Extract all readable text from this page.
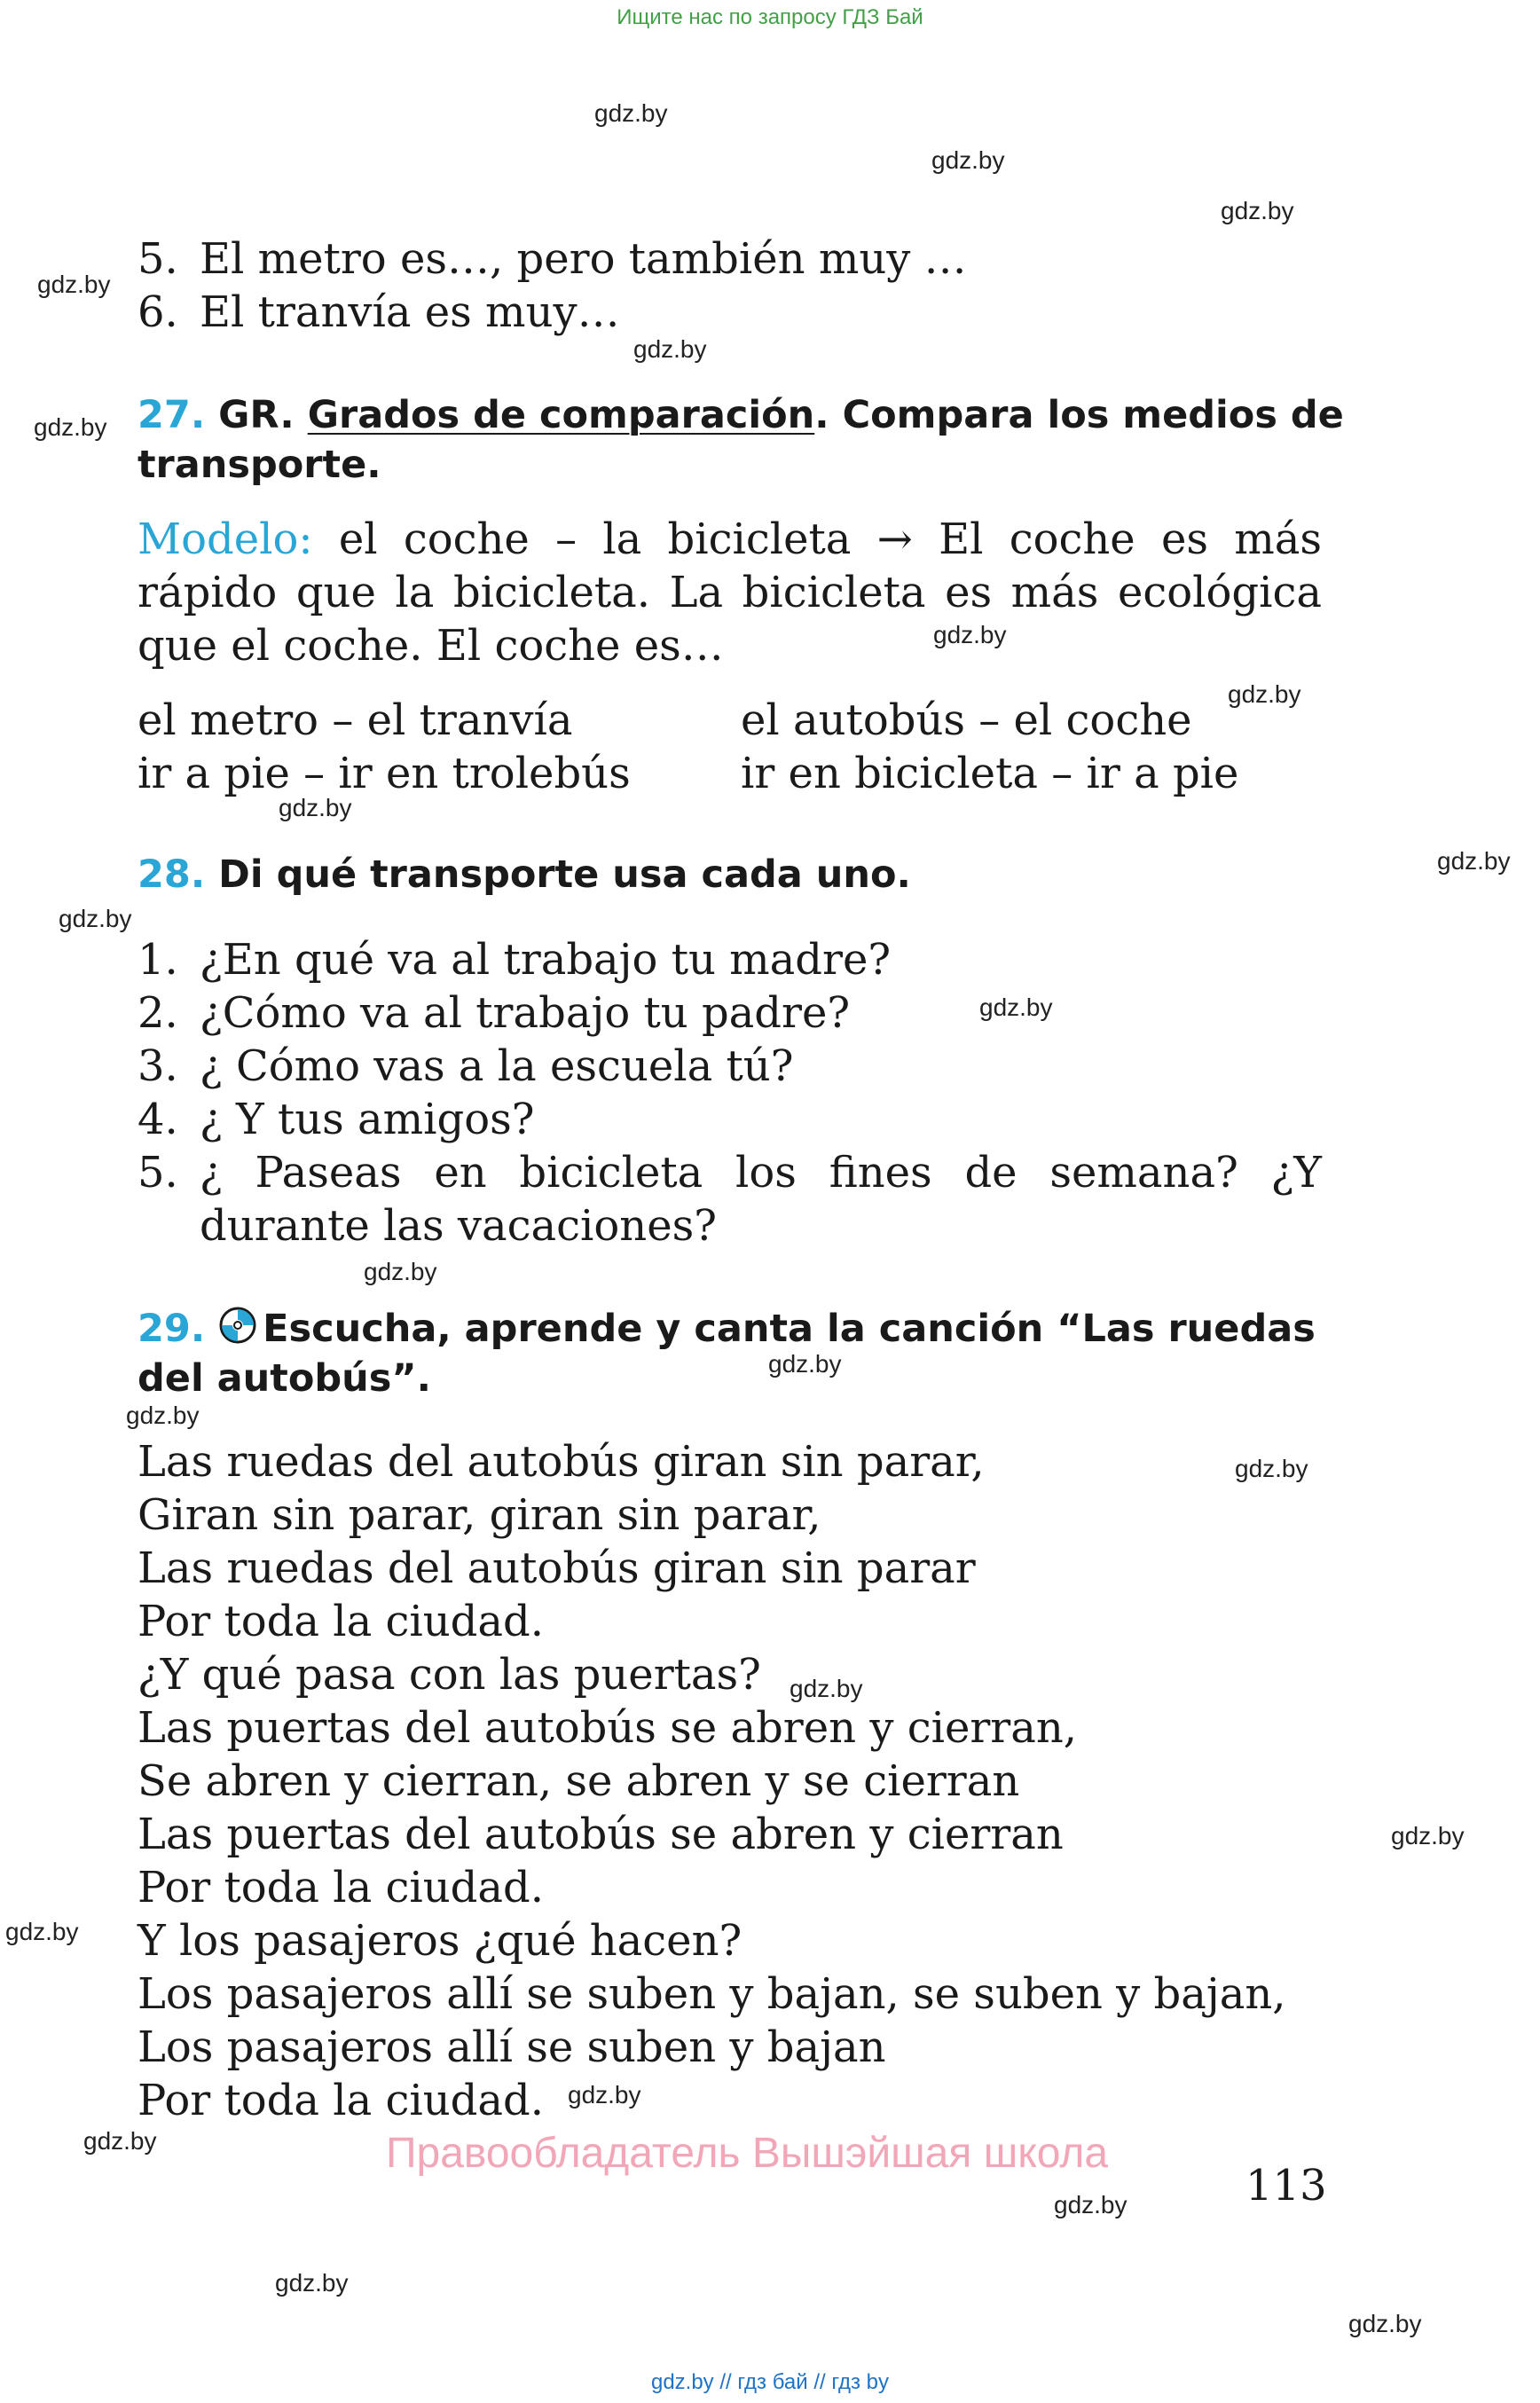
Ищите нас по запросу ГДЗ Бай
gdz.by
gdz.by
gdz.by
gdz.by
gdz.by
gdz.by
gdz.by
gdz.by
gdz.by
gdz.by
gdz.by
gdz.by
gdz.by
gdz.by
gdz.by
gdz.by
gdz.by
gdz.by
gdz.by
gdz.by
gdz.by
gdz.by
gdz.by
gdz.by
5. El metro es…, pero también muy …
6. El tranvía es muy…
27. GR. Grados de comparación. Compara los medios de
transporte.
Modelo: el coche – la bicicleta → El coche es más rápido que la bicicleta. La bicicleta es más ecológica que el coche. El coche es…
el metro – el tranvía	el autobús – el coche
ir a pie – ir en trolebús	ir en bicicleta – ir a pie
28. Di qué transporte usa cada uno.
1. ¿En qué va al trabajo tu madre?
2. ¿Cómo va al trabajo tu padre?
3. ¿ Cómo vas a la escuela tú?
4. ¿ Y tus amigos?
5. ¿ Paseas en bicicleta los fines de semana? ¿Y durante las vacaciones?
29. Escucha, aprende y canta la canción “Las ruedas
del autobús”.
Las ruedas del autobús giran sin parar,
Giran sin parar, giran sin parar,
Las ruedas del autobús giran sin parar
Por toda la ciudad.
¿Y qué pasa con las puertas?
Las puertas del autobús se abren y cierran,
Se abren y cierran, se abren y se cierran
Las puertas del autobús se abren y cierran
Por toda la ciudad.
Y los pasajeros ¿qué hacen?
Los pasajeros allí se suben y bajan, se suben y bajan,
Los pasajeros allí se suben y bajan
Por toda la ciudad.
Правообладатель Вышэйшая школа
113
gdz.by // гдз бай // гдз by
